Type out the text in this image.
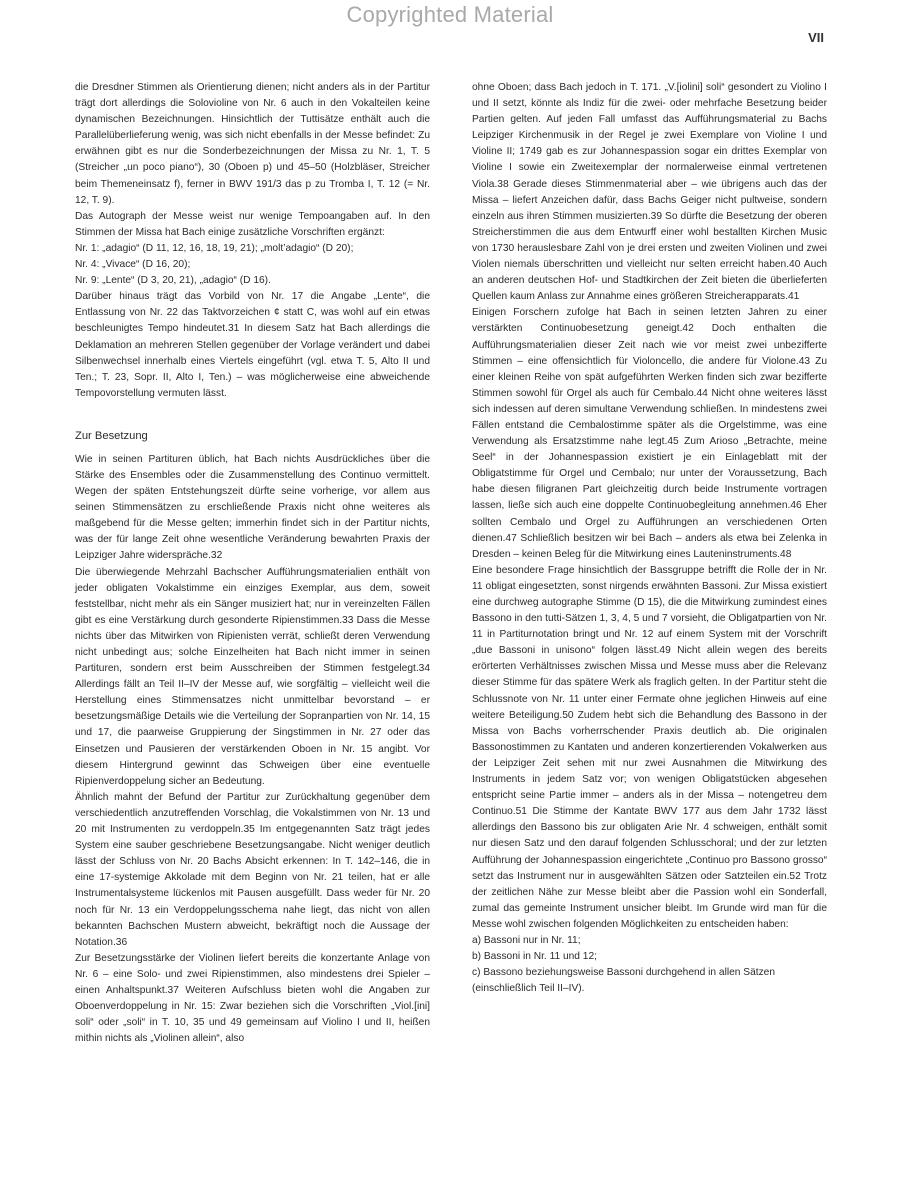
Copyrighted Material
VII

die Dresdner Stimmen als Orientierung dienen; nicht anders als in der Partitur trägt dort allerdings die Solovioline von Nr. 6 auch in den Vokalteilen keine dynamischen Bezeichnungen. Hinsichtlich der Tuttisätze enthält auch die Parallelüberlieferung wenig, was sich nicht ebenfalls in der Messe befindet: Zu erwähnen gibt es nur die Sonderbezeichnungen der Missa zu Nr. 1, T. 5 (Streicher „un poco piano“), 30 (Oboen p) und 45–50 (Holzbläser, Streicher beim Themeneinsatz f), ferner in BWV 191/3 das p zu Tromba I, T. 12 (= Nr. 12, T. 9).

Das Autograph der Messe weist nur wenige Tempoangaben auf. In den Stimmen der Missa hat Bach einige zusätzliche Vorschriften ergänzt:

Nr. 1: „adagio“ (D 11, 12, 16, 18, 19, 21); „molt’adagio“ (D 20);

Nr. 4: „Vivace“ (D 16, 20);

Nr. 9: „Lente“ (D 3, 20, 21), „adagio“ (D 16).

Darüber hinaus trägt das Vorbild von Nr. 17 die Angabe „Lente“, die Entlassung von Nr. 22 das Taktvorzeichen ¢ statt C, was wohl auf ein etwas beschleunigtes Tempo hindeutet.31 In diesem Satz hat Bach allerdings die Deklamation an mehreren Stellen gegenüber der Vorlage verändert und dabei Silbenwechsel innerhalb eines Viertels eingeführt (vgl. etwa T. 5, Alto II und Ten.; T. 23, Sopr. II, Alto I, Ten.) – was möglicherweise eine abweichende Tempovorstellung vermuten lässt.

Zur Besetzung

Wie in seinen Partituren üblich, hat Bach nichts Ausdrückliches über die Stärke des Ensembles oder die Zusammenstellung des Continuo vermittelt. Wegen der späten Entstehungszeit dürfte seine vorherige, vor allem aus seinen Stimmensätzen zu erschließende Praxis nicht ohne weiteres als maßgebend für die Messe gelten; immerhin findet sich in der Partitur nichts, was der für lange Zeit ohne wesentliche Veränderung bewahrten Praxis der Leipziger Jahre widerspräche.32

Die überwiegende Mehrzahl Bachscher Aufführungsmaterialien enthält von jeder obligaten Vokalstimme ein einziges Exemplar, aus dem, soweit feststellbar, nicht mehr als ein Sänger musiziert hat; nur in vereinzelten Fällen gibt es eine Verstärkung durch gesonderte Ripienstimmen.33 Dass die Messe nichts über das Mitwirken von Ripienisten verrät, schließt deren Verwendung nicht unbedingt aus; solche Einzelheiten hat Bach nicht immer in seinen Partituren, sondern erst beim Ausschreiben der Stimmen festgelegt.34 Allerdings fällt an Teil II–IV der Messe auf, wie sorgfältig – vielleicht weil die Herstellung eines Stimmensatzes nicht unmittelbar bevorstand – er besetzungsmäßige Details wie die Verteilung der Sopranpartien von Nr. 14, 15 und 17, die paarweise Gruppierung der Singstimmen in Nr. 27 oder das Einsetzen und Pausieren der verstärkenden Oboen in Nr. 15 angibt. Vor diesem Hintergrund gewinnt das Schweigen über eine eventuelle Ripienverdoppelung sicher an Bedeutung.

Ähnlich mahnt der Befund der Partitur zur Zurückhaltung gegenüber dem verschiedentlich anzutreffenden Vorschlag, die Vokalstimmen von Nr. 13 und 20 mit Instrumenten zu verdoppeln.35 Im entgegenannten Satz trägt jedes System eine sauber geschriebene Besetzungsangabe. Nicht weniger deutlich lässt der Schluss von Nr. 20 Bachs Absicht erkennen: In T. 142–146, die in eine 17-systemige Akkolade mit dem Beginn von Nr. 21 teilen, hat er alle Instrumentalsysteme lückenlos mit Pausen ausgefüllt. Dass weder für Nr. 20 noch für Nr. 13 ein Verdoppelungsschema nahe liegt, das nicht von allen bekannten Bachschen Mustern abweicht, bekräftigt noch die Aussage der Notation.36

Zur Besetzungsstärke der Violinen liefert bereits die konzertante Anlage von Nr. 6 – eine Solo- und zwei Ripienstimmen, also mindestens drei Spieler – einen Anhaltspunkt.37 Weiteren Aufschluss bieten wohl die Angaben zur Oboenverdoppelung in Nr. 15: Zwar beziehen sich die Vorschriften „Viol.[ini] soli“ oder „soli“ in T. 10, 35 und 49 gemeinsam auf Violino I und II, heißen mithin nichts als „Violinen allein“, also

ohne Oboen; dass Bach jedoch in T. 171. „V.[iolini] soli“ gesondert zu Violino I und II setzt, könnte als Indiz für die zwei- oder mehrfache Besetzung beider Partien gelten. Auf jeden Fall umfasst das Aufführungsmaterial zu Bachs Leipziger Kirchenmusik in der Regel je zwei Exemplare von Violine I und Violine II; 1749 gab es zur Johannespassion sogar ein drittes Exemplar von Violine I sowie ein Zweitexemplar der normalerweise einmal vertretenen Viola.38 Gerade dieses Stimmenmaterial aber – wie übrigens auch das der Missa – liefert Anzeichen dafür, dass Bachs Geiger nicht pultweise, sondern einzeln aus ihren Stimmen musizierten.39 So dürfte die Besetzung der oberen Streicherstimmen die aus dem Entwurff einer wohl bestallten Kirchen Music von 1730 herauslesbare Zahl von je drei ersten und zweiten Violinen und zwei Violen niemals überschritten und vielleicht nur selten erreicht haben.40 Auch an anderen deutschen Hof- und Stadtkirchen der Zeit bieten die überlieferten Quellen kaum Anlass zur Annahme eines größeren Streicherapparats.41

Einigen Forschern zufolge hat Bach in seinen letzten Jahren zu einer verstärkten Continuobesetzung geneigt.42 Doch enthalten die Aufführungsmaterialien dieser Zeit nach wie vor meist zwei unbezifferte Stimmen – eine offensichtlich für Violoncello, die andere für Violone.43 Zu einer kleinen Reihe von spät aufgeführten Werken finden sich zwar bezifferte Stimmen sowohl für Orgel als auch für Cembalo.44 Nicht ohne weiteres lässt sich indessen auf deren simultane Verwendung schließen. In mindestens zwei Fällen entstand die Cembalostimme später als die Orgelstimme, was eine Verwendung als Ersatzstimme nahe legt.45 Zum Arioso „Betrachte, meine Seel“ in der Johannespassion existiert je ein Einlageblatt mit der Obligatstimme für Orgel und Cembalo; nur unter der Voraussetzung, Bach habe diesen filigranen Part gleichzeitig durch beide Instrumente vortragen lassen, ließe sich auch eine doppelte Continuobegleitung annehmen.46 Eher sollten Cembalo und Orgel zu Aufführungen an verschiedenen Orten dienen.47 Schließlich besitzen wir bei Bach – anders als etwa bei Zelenka in Dresden – keinen Beleg für die Mitwirkung eines Lauteninstruments.48

Eine besondere Frage hinsichtlich der Bassgruppe betrifft die Rolle der in Nr. 11 obligat eingesetzten, sonst nirgends erwähnten Bassoni. Zur Missa existiert eine durchweg autographe Stimme (D 15), die die Mitwirkung zumindest eines Bassono in den tutti-Sätzen 1, 3, 4, 5 und 7 vorsieht, die Obligatpartien von Nr. 11 in Partiturnotation bringt und Nr. 12 auf einem System mit der Vorschrift „due Bassoni in unisono“ folgen lässt.49 Nicht allein wegen des bereits erörterten Verhältnisses zwischen Missa und Messe muss aber die Relevanz dieser Stimme für das spätere Werk als fraglich gelten. In der Partitur steht die Schlussnote von Nr. 11 unter einer Fermate ohne jeglichen Hinweis auf eine weitere Beteiligung.50 Zudem hebt sich die Behandlung des Bassono in der Missa von Bachs vorherrschender Praxis deutlich ab. Die originalen Bassonostimmen zu Kantaten und anderen konzertierenden Vokalwerken aus der Leipziger Zeit sehen mit nur zwei Ausnahmen die Mitwirkung des Instruments in jedem Satz vor; von wenigen Obligatstücken abgesehen entspricht seine Partie immer – anders als in der Missa – notengetreu dem Continuo.51 Die Stimme der Kantate BWV 177 aus dem Jahr 1732 lässt allerdings den Bassono bis zur obligaten Arie Nr. 4 schweigen, enthält somit nur diesen Satz und den darauf folgenden Schlusschoral; und der zur letzten Aufführung der Johannespassion eingerichtete „Continuo pro Bassono grosso“ setzt das Instrument nur in ausgewählten Sätzen oder Satzteilen ein.52 Trotz der zeitlichen Nähe zur Messe bleibt aber die Passion wohl ein Sonderfall, zumal das gemeinte Instrument unsicher bleibt. Im Grunde wird man für die Messe wohl zwischen folgenden Möglichkeiten zu entscheiden haben:

a) Bassoni nur in Nr. 11;

b) Bassoni in Nr. 11 und 12;

c) Bassono beziehungsweise Bassoni durchgehend in allen Sätzen (einschließlich Teil II–IV).
